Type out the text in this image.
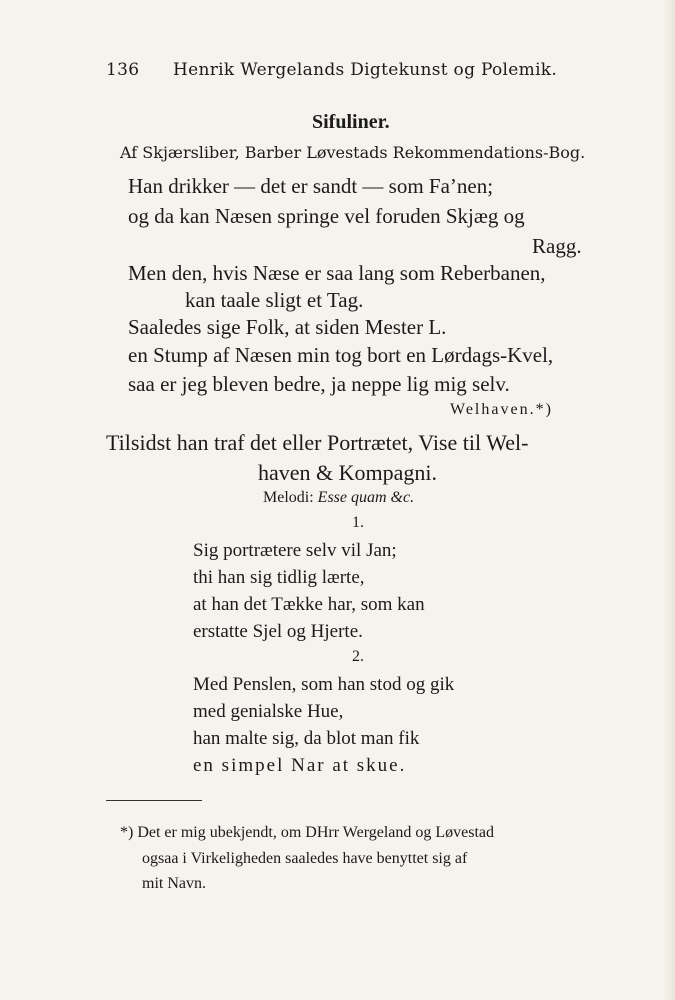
136 Henrik Wergelands Digtekunst og Polemik.
Sifuliner.
Af Skjærsliber, Barber Løvestads Rekommendations-Bog.
Han drikker — det er sandt — som Fa’nen;
og da kan Næsen springe vel foruden Skjæg og
Ragg.
Men den, hvis Næse er saa lang som Reberbanen,
kan taale sligt et Tag.
Saaledes sige Folk, at siden Mester L.
en Stump af Næsen min tog bort en Lørdags-Kvel,
saa er jeg bleven bedre, ja neppe lig mig selv.
Welhaven.*)
Tilsidst han traf det eller Portrætet, Vise til Wel-
haven & Kompagni.
Melodi: Esse quam &c.
1.
Sig portrætere selv vil Jan;
thi han sig tidlig lærte,
at han det Tække har, som kan
erstatte Sjel og Hjerte.
2.
Med Penslen, som han stod og gik
med genialske Hue,
han malte sig, da blot man fik
en simpel Nar at skue.
*) Det er mig ubekjendt, om DHrr Wergeland og Løvestad
ogsaa i Virkeligheden saaledes have benyttet sig af
mit Navn.
